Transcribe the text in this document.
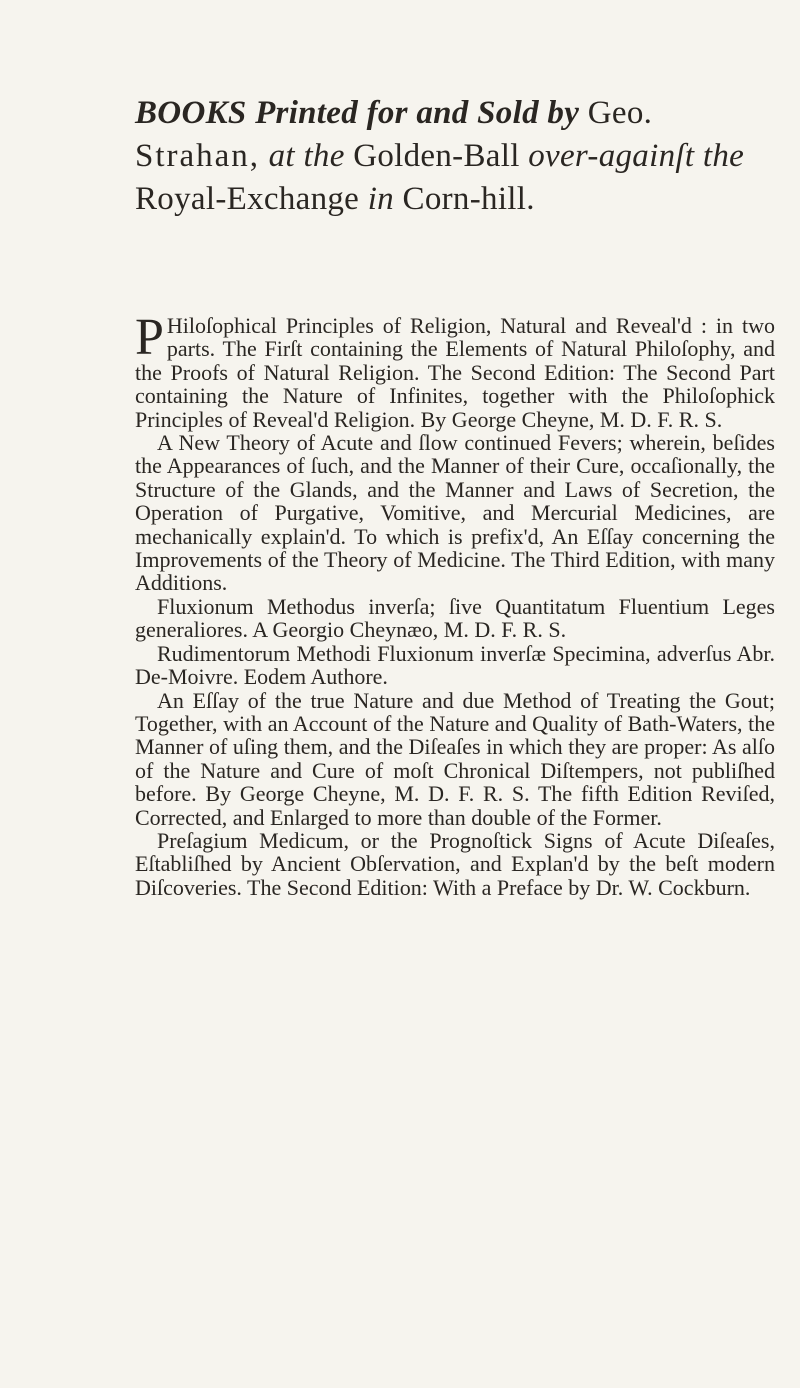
BOOKS Printed for and Sold by Geo.
Strahan, at the Golden-Ball over-againſt the Royal-Exchange in Corn-hill.

P Hiloſophical Principles of Religion, Natural and Reveal'd : in two parts. The Firſt containing the Elements of Natural Philoſophy, and the Proofs of Natural Religion. The Second Edition: The Second Part containing the Nature of Infinites, together with the Philoſophick Principles of Reveal'd Religion. By George Cheyne, M. D. F. R. S.

A New Theory of Acute and ſlow continued Fevers; wherein, beſides the Appearances of ſuch, and the Manner of their Cure, occaſionally, the Structure of the Glands, and the Manner and Laws of Secretion, the Operation of Purgative, Vomitive, and Mercurial Medicines, are mechanically explain'd. To which is prefix'd, An Eſſay concerning the Improvements of the Theory of Medicine. The Third Edition, with many Additions.

Fluxionum Methodus inverſa; ſive Quantitatum Fluentium Leges generaliores. A Georgio Cheynæo, M. D. F. R. S.

Rudimentorum Methodi Fluxionum inverſæ Specimina, adverſus Abr. De-Moivre. Eodem Authore.

An Eſſay of the true Nature and due Method of Treating the Gout; Together, with an Account of the Nature and Quality of Bath-Waters, the Manner of uſing them, and the Diſeaſes in which they are proper: As alſo of the Nature and Cure of moſt Chronical Diſtempers, not publiſhed before. By George Cheyne, M. D. F. R. S. The fifth Edition Reviſed, Corrected, and Enlarged to more than double of the Former.

Preſagium Medicum, or the Prognoſtick Signs of Acute Diſeaſes, Eſtabliſhed by Ancient Obſervation, and Explan'd by the beſt modern Diſcoveries. The Second Edition: With a Preface by Dr. W. Cockburn.
